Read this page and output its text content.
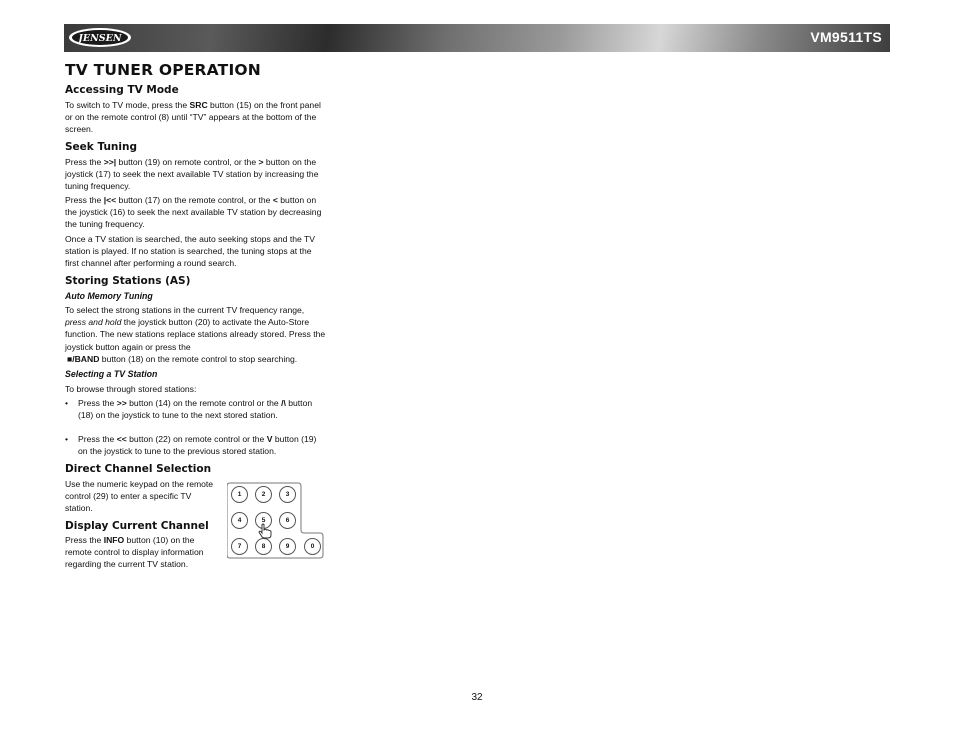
JENSEN	VM9511TS
TV TUNER OPERATION
Accessing TV Mode

To switch to TV mode, press the SRC button (15) on the front panel or on the remote control (8) until “TV” appears at the bottom of the screen.

Seek Tuning

Press the >>| button (19) on remote control, or the > button on the joystick (17) to seek the next available TV station by increasing the tuning frequency.

Press the |<< button (17) on the remote control, or the < button on the joystick (16) to seek the next available TV station by decreasing the tuning frequency.

Once a TV station is searched, the auto seeking stops and the TV station is played. If no station is searched, the tuning stops at the first channel after performing a round search.

Storing Stations (AS)
Auto Memory Tuning

To select the strong stations in the current TV frequency range, press and hold the joystick button (20) to activate the Auto-Store function. The new stations replace stations already stored. Press the joystick button again or press the

■/BAND button (18) on the remote control to stop searching.

Selecting a TV Station

To browse through stored stations:

• Press the >> button (14) on the remote control or the /\ button (18) on the joystick to tune to the next stored station.
• Press the << button (22) on remote control or the V button (19) on the joystick to tune to the previous stored station.
Direct Channel Selection

Use the numeric keypad on the remote control (29) to enter a specific TV station.

Display Current Channel

Press the INFO button (10) on the remote control to display information regarding the current TV station.

1	2	3
4	5	6
7	8	9	0
32
